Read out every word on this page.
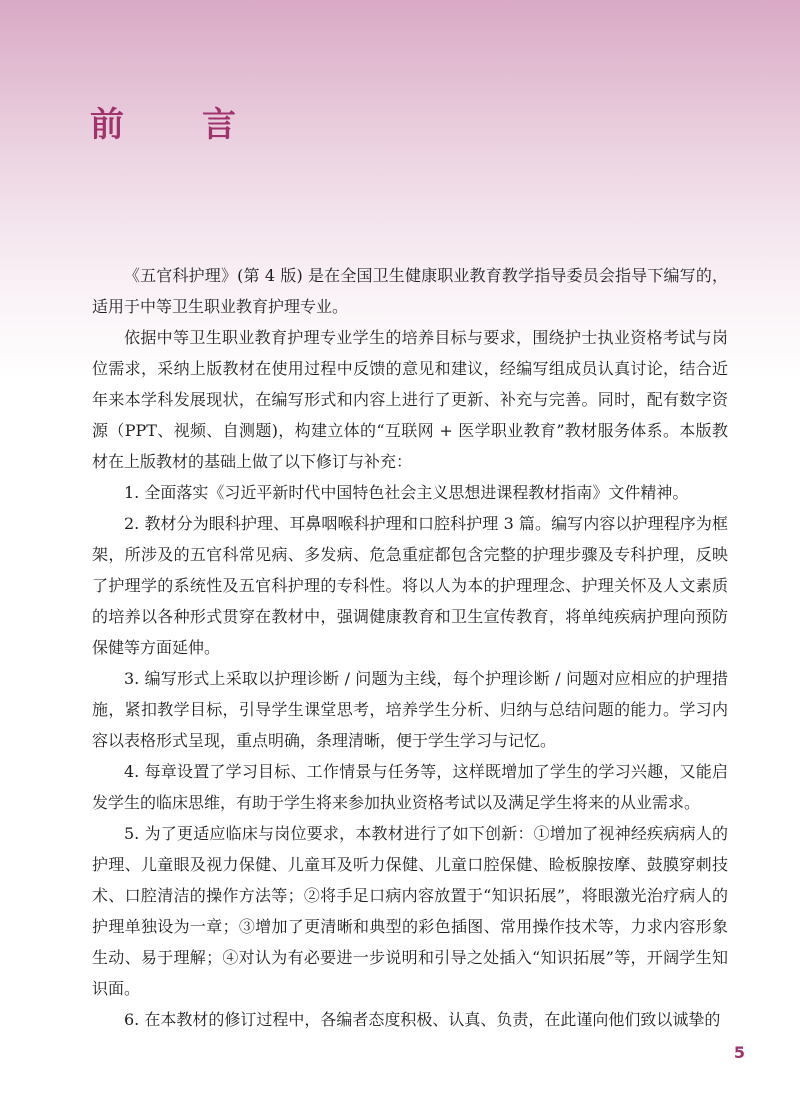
前　言

《五官科护理》(第 4 版) 是在全国卫生健康职业教育教学指导委员会指导下编写的，适用于中等卫生职业教育护理专业。

依据中等卫生职业教育护理专业学生的培养目标与要求，围绕护士执业资格考试与岗位需求，采纳上版教材在使用过程中反馈的意见和建议，经编写组成员认真讨论，结合近年来本学科发展现状，在编写形式和内容上进行了更新、补充与完善。同时，配有数字资源（PPT、视频、自测题)，构建立体的“互联网 + 医学职业教育”教材服务体系。本版教材在上版教材的基础上做了以下修订与补充：

1. 全面落实《习近平新时代中国特色社会主义思想进课程教材指南》文件精神。

2. 教材分为眼科护理、耳鼻咽喉科护理和口腔科护理 3 篇。编写内容以护理程序为框架，所涉及的五官科常见病、多发病、危急重症都包含完整的护理步骤及专科护理，反映了护理学的系统性及五官科护理的专科性。将以人为本的护理理念、护理关怀及人文素质的培养以各种形式贯穿在教材中，强调健康教育和卫生宣传教育，将单纯疾病护理向预防保健等方面延伸。

3. 编写形式上采取以护理诊断 / 问题为主线，每个护理诊断 / 问题对应相应的护理措施，紧扣教学目标，引导学生课堂思考，培养学生分析、归纳与总结问题的能力。学习内容以表格形式呈现，重点明确，条理清晰，便于学生学习与记忆。

4. 每章设置了学习目标、工作情景与任务等，这样既增加了学生的学习兴趣，又能启发学生的临床思维，有助于学生将来参加执业资格考试以及满足学生将来的从业需求。

5. 为了更适应临床与岗位要求，本教材进行了如下创新：①增加了视神经疾病病人的护理、儿童眼及视力保健、儿童耳及听力保健、儿童口腔保健、睑板腺按摩、鼓膜穿刺技术、口腔清洁的操作方法等；②将手足口病内容放置于“知识拓展”，将眼激光治疗病人的护理单独设为一章；③增加了更清晰和典型的彩色插图、常用操作技术等，力求内容形象生动、易于理解；④对认为有必要进一步说明和引导之处插入“知识拓展”等，开阔学生知识面。

6. 在本教材的修订过程中，各编者态度积极、认真、负责，在此谨向他们致以诚挚的

5
